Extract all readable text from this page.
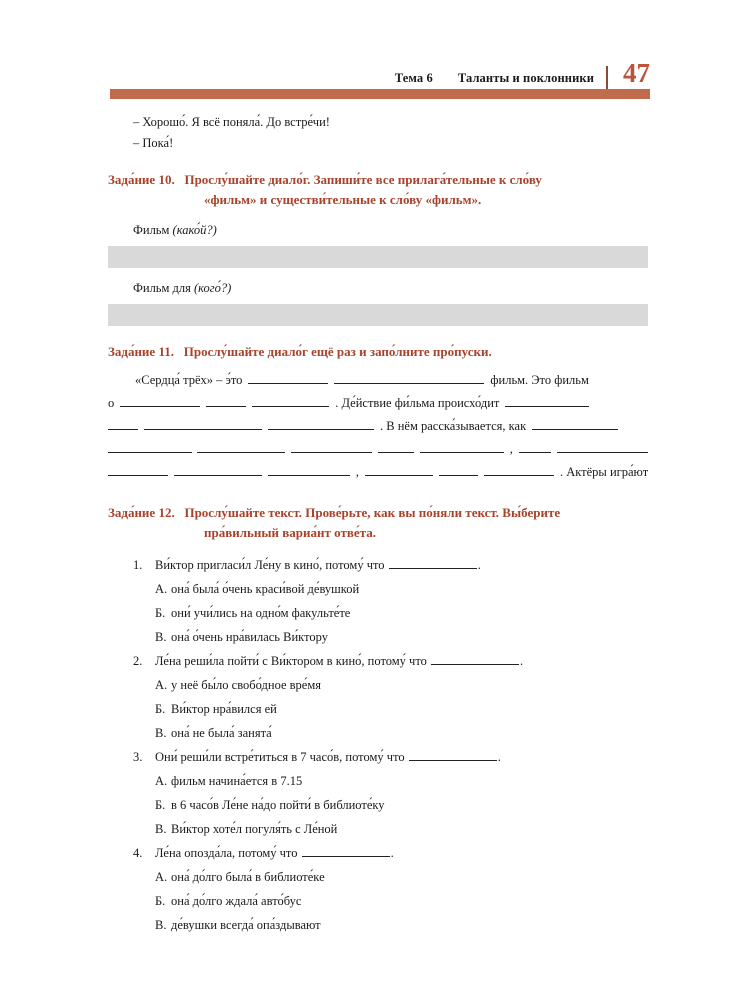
Тема 6	Таланты и поклонники	47
– Хорошо́. Я всё поняла́. До встре́чи!
– Пока́!
Зада́ние 10. Прослу́шайте диало́г. Запиши́те все прилага́тельные к сло́ву
«фильм» и существи́тельные к сло́ву «фильм».
Фильм (како́й?)
Фильм для (кого́?)
Зада́ние 11. Прослу́шайте диало́г ещё раз и запо́лните про́пуски.
«Сердца́ трёх» – э́то	фильм. Это фильм
о	. Де́йствие фи́льма происхо́дит
. В нём расска́зывается, как
,
,	. Актёры игра́ют
Зада́ние 12. Прослу́шайте текст. Прове́рьте, как вы по́няли текст. Вы́берите
пра́вильный вариа́нт отве́та.
1.	Ви́ктор пригласи́л Ле́ну в кино́, потому́ что	.
А. она́ была́ о́чень краси́вой де́вушкой
Б. они́ учи́лись на одно́м факульте́те
В. она́ о́чень нра́вилась Ви́ктору
2.	Ле́на реши́ла пойти́ с Ви́ктором в кино́, потому́ что	.
А. у неё бы́ло свобо́дное вре́мя
Б. Ви́ктор нра́вился ей
В. она́ не была́ занята́
3.	Они́ реши́ли встре́титься в 7 часо́в, потому́ что	.
А. фильм начина́ется в 7.15
Б. в 6 часо́в Ле́не на́до пойти́ в библиоте́ку
В. Ви́ктор хоте́л погуля́ть с Ле́ной
4.	Ле́на опозда́ла, потому́ что	.
А. она́ до́лго была́ в библиоте́ке
Б. она́ до́лго ждала́ авто́бус
В. де́вушки всегда́ опа́здывают
